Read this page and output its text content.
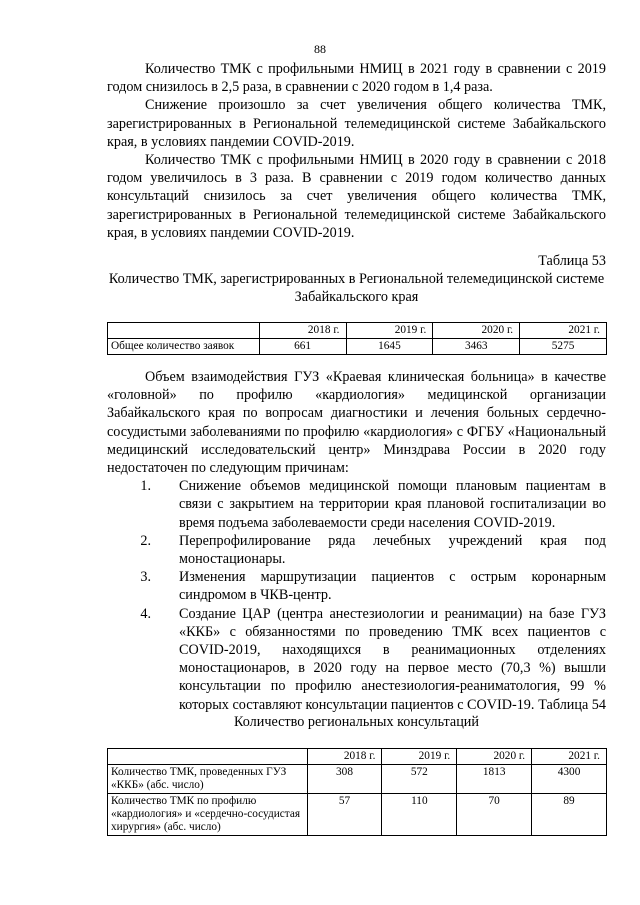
88

Количество ТМК с профильными НМИЦ в 2021 году в сравнении с 2019 годом снизилось в 2,5 раза, в сравнении с 2020 годом в 1,4 раза.

Снижение произошло за счет увеличения общего количества ТМК, зарегистрированных в Региональной телемедицинской системе Забайкальского края, в условиях пандемии COVID-2019.

Количество ТМК с профильными НМИЦ в 2020 году в сравнении с 2018 годом увеличилось в 3 раза. В сравнении с 2019 годом количество данных консультаций снизилось за счет увеличения общего количества ТМК, зарегистрированных в Региональной телемедицинской системе Забайкальского края, в условиях пандемии COVID-2019.

Таблица 53
Количество ТМК, зарегистрированных в Региональной телемедицинской системе Забайкальского края
	2018 г.	2019 г.	2020 г.	2021 г.
Общее количество заявок	661	1645	3463	5275

Объем взаимодействия ГУЗ «Краевая клиническая больница» в качестве «головной» по профилю «кардиология» медицинской организации Забайкальского края по вопросам диагностики и лечения больных сердечно-сосудистыми заболеваниями по профилю «кардиология» с ФГБУ «Национальный медицинский исследовательский центр» Минздрава России в 2020 году недостаточен по следующим причинам:

1.	Снижение объемов медицинской помощи плановым пациентам в связи с закрытием на территории края плановой госпитализации во время подъема заболеваемости среди населения COVID-2019.

2.	Перепрофилирование ряда лечебных учреждений края под моностационары.

3.	Изменения маршрутизации пациентов с острым коронарным синдромом в ЧКВ-центр.

4.	Создание ЦАР (центра анестезиологии и реанимации) на базе ГУЗ «ККБ» с обязанностями по проведению ТМК всех пациентов с COVID-2019, находящихся в реанимационных отделениях моностационаров, в 2020 году на первое место (70,3 %) вышли консультации по профилю анестезиология-реаниматология, 99 % которых составляют консультации пациентов с COVID-19.

	2018 г.	2019 г.	2020 г.	2021 г.
Количество ТМК, проведенных ГУЗ «ККБ» (абс. число)	308	572	1813	4300
Количество ТМК по профилю «кардиология» и «сердечно-сосудистая хирургия» (абс. число)	57	110	70	89
Таблица 54
Количество региональных консультаций
